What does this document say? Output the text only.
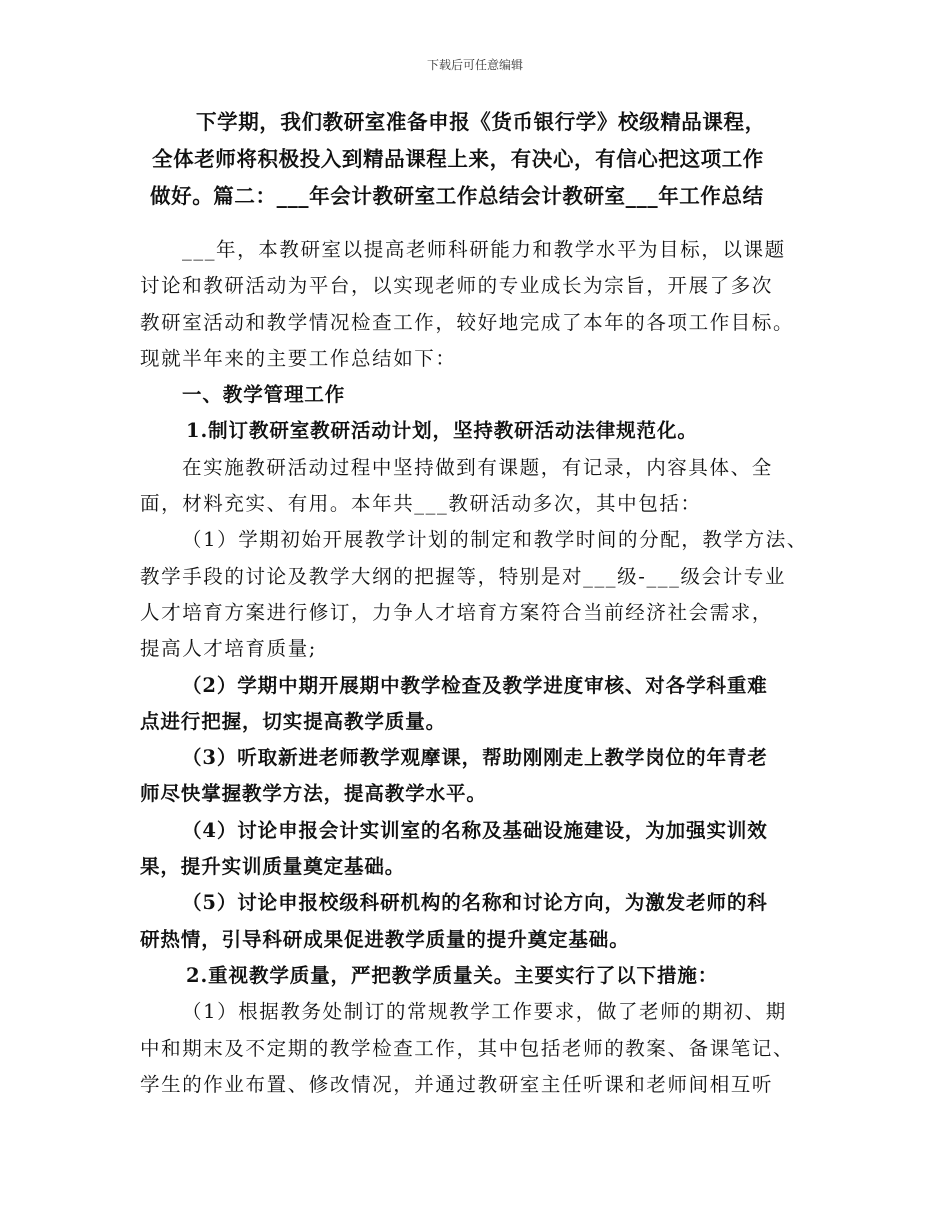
下载后可任意编辑
下学期，我们教研室准备申报《货币银行学》校级精品课程，
全体老师将积极投入到精品课程上来，有决心，有信心把这项工作
做好。篇二：___年会计教研室工作总结会计教研室___年工作总结
___年，本教研室以提高老师科研能力和教学水平为目标，以课题
讨论和教研活动为平台，以实现老师的专业成长为宗旨，开展了多次
教研室活动和教学情况检查工作，较好地完成了本年的各项工作目标。
现就半年来的主要工作总结如下：
一、教学管理工作
1.制订教研室教研活动计划，坚持教研活动法律规范化。
在实施教研活动过程中坚持做到有课题，有记录，内容具体、全
面，材料充实、有用。本年共___教研活动多次，其中包括：
（1）学期初始开展教学计划的制定和教学时间的分配，教学方法、
教学手段的讨论及教学大纲的把握等，特别是对___级-___级会计专业
人才培育方案进行修订，力争人才培育方案符合当前经济社会需求，
提高人才培育质量;
（2）学期中期开展期中教学检查及教学进度审核、对各学科重难
点进行把握，切实提高教学质量。
（3）听取新进老师教学观摩课，帮助刚刚走上教学岗位的年青老
师尽快掌握教学方法，提高教学水平。
（4）讨论申报会计实训室的名称及基础设施建设，为加强实训效
果，提升实训质量奠定基础。
（5）讨论申报校级科研机构的名称和讨论方向，为激发老师的科
研热情，引导科研成果促进教学质量的提升奠定基础。
2.重视教学质量，严把教学质量关。主要实行了以下措施：
（1）根据教务处制订的常规教学工作要求，做了老师的期初、期
中和期末及不定期的教学检查工作，其中包括老师的教案、备课笔记、
学生的作业布置、修改情况，并通过教研室主任听课和老师间相互听
